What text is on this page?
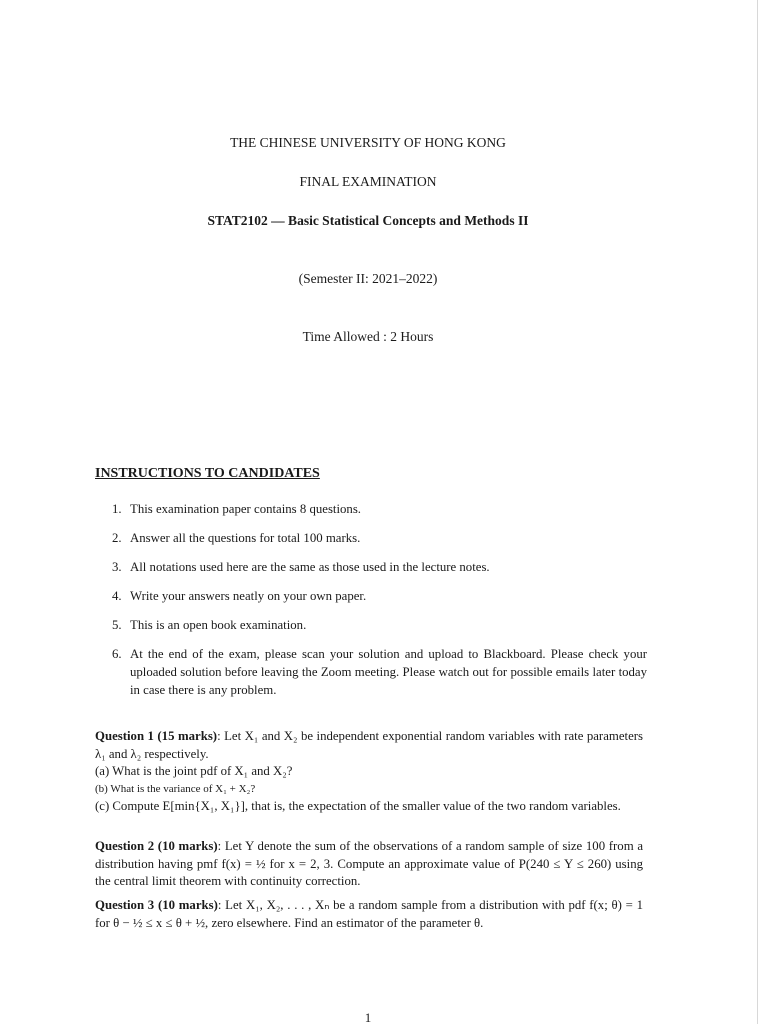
THE CHINESE UNIVERSITY OF HONG KONG
FINAL EXAMINATION
STAT2102 — Basic Statistical Concepts and Methods II
(Semester II: 2021–2022)
Time Allowed : 2 Hours
INSTRUCTIONS TO CANDIDATES
1. This examination paper contains 8 questions.
2. Answer all the questions for total 100 marks.
3. All notations used here are the same as those used in the lecture notes.
4. Write your answers neatly on your own paper.
5. This is an open book examination.
6. At the end of the exam, please scan your solution and upload to Blackboard. Please check your uploaded solution before leaving the Zoom meeting. Please watch out for possible emails later today in case there is any problem.
Question 1 (15 marks): Let X₁ and X₂ be independent exponential random variables with rate parameters λ₁ and λ₂ respectively.
(a) What is the joint pdf of X₁ and X₂?
(b) What is the variance of X₁ + X₂?
(c) Compute E[min{X₁, X₁}], that is, the expectation of the smaller value of the two random variables.
Question 2 (10 marks): Let Y denote the sum of the observations of a random sample of size 100 from a distribution having pmf f(x) = ½ for x = 2, 3. Compute an approximate value of P(240 ≤ Y ≤ 260) using the central limit theorem with continuity correction.
Question 3 (10 marks): Let X₁, X₂, . . . , Xₙ be a random sample from a distribution with pdf f(x; θ) = 1 for θ − ½ ≤ x ≤ θ + ½, zero elsewhere. Find an estimator of the parameter θ.
1
